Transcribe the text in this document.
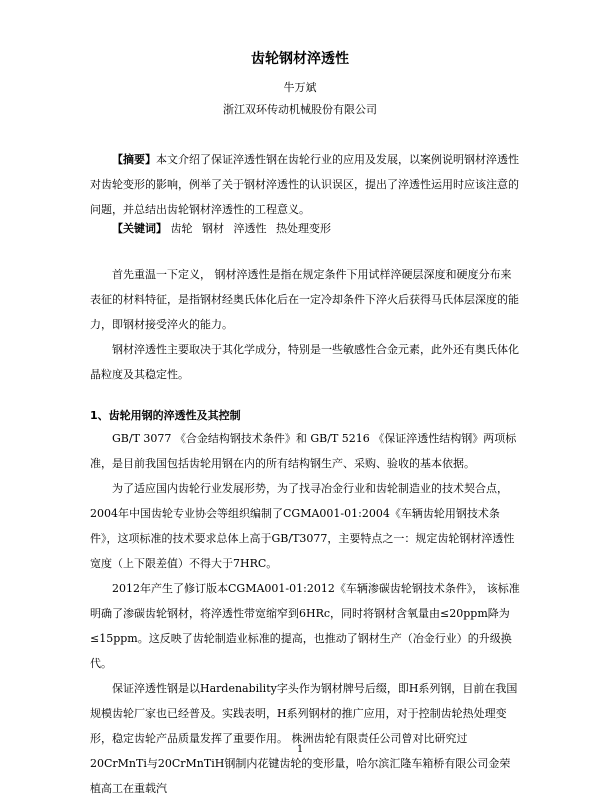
齿轮钢材淬透性
牛万斌
浙江双环传动机械股份有限公司
【摘要】本文介绍了保证淬透性钢在齿轮行业的应用及发展，以案例说明钢材淬透性对齿轮变形的影响，例举了关于钢材淬透性的认识误区，提出了淬透性运用时应该注意的问题，并总结出齿轮钢材淬透性的工程意义。
【关键词】 齿轮 钢材 淬透性 热处理变形
首先重温一下定义， 钢材淬透性是指在规定条件下用试样淬硬层深度和硬度分布来表征的材料特征，是指钢材经奥氏体化后在一定冷却条件下淬火后获得马氏体层深度的能力，即钢材接受淬火的能力。
钢材淬透性主要取决于其化学成分，特别是一些敏感性合金元素，此外还有奥氏体化晶粒度及其稳定性。
1、齿轮用钢的淬透性及其控制

GB/T 3077 《合金结构钢技术条件》和 GB/T 5216 《保证淬透性结构钢》两项标准，是目前我国包括齿轮用钢在内的所有结构钢生产、采购、验收的基本依据。

为了适应国内齿轮行业发展形势，为了找寻冶金行业和齿轮制造业的技术契合点，2004年中国齿轮专业协会等组织编制了CGMA001-01:2004《车辆齿轮用钢技术条件》，这项标准的技术要求总体上高于GB/T3077，主要特点之一：规定齿轮钢材淬透性宽度（上下限差值）不得大于7HRC。

2012年产生了修订版本CGMA001-01:2012《车辆渗碳齿轮钢技术条件》， 该标准明确了渗碳齿轮钢材，将淬透性带宽缩窄到6HRc，同时将钢材含氧量由≤20ppm降为≤15ppm。这反映了齿轮制造业标准的提高，也推动了钢材生产（冶金行业）的升级换代。

保证淬透性钢是以Hardenability字头作为钢材牌号后缀，即H系列钢，目前在我国规模齿轮厂家也已经普及。实践表明，H系列钢材的推广应用，对于控制齿轮热处理变形，稳定齿轮产品质量发挥了重要作用。 株洲齿轮有限责任公司曾对比研究过20CrMnTi与20CrMnTiH钢制内花键齿轮的变形量，哈尔滨汇隆车箱桥有限公司金荣植高工在重载汽

1
